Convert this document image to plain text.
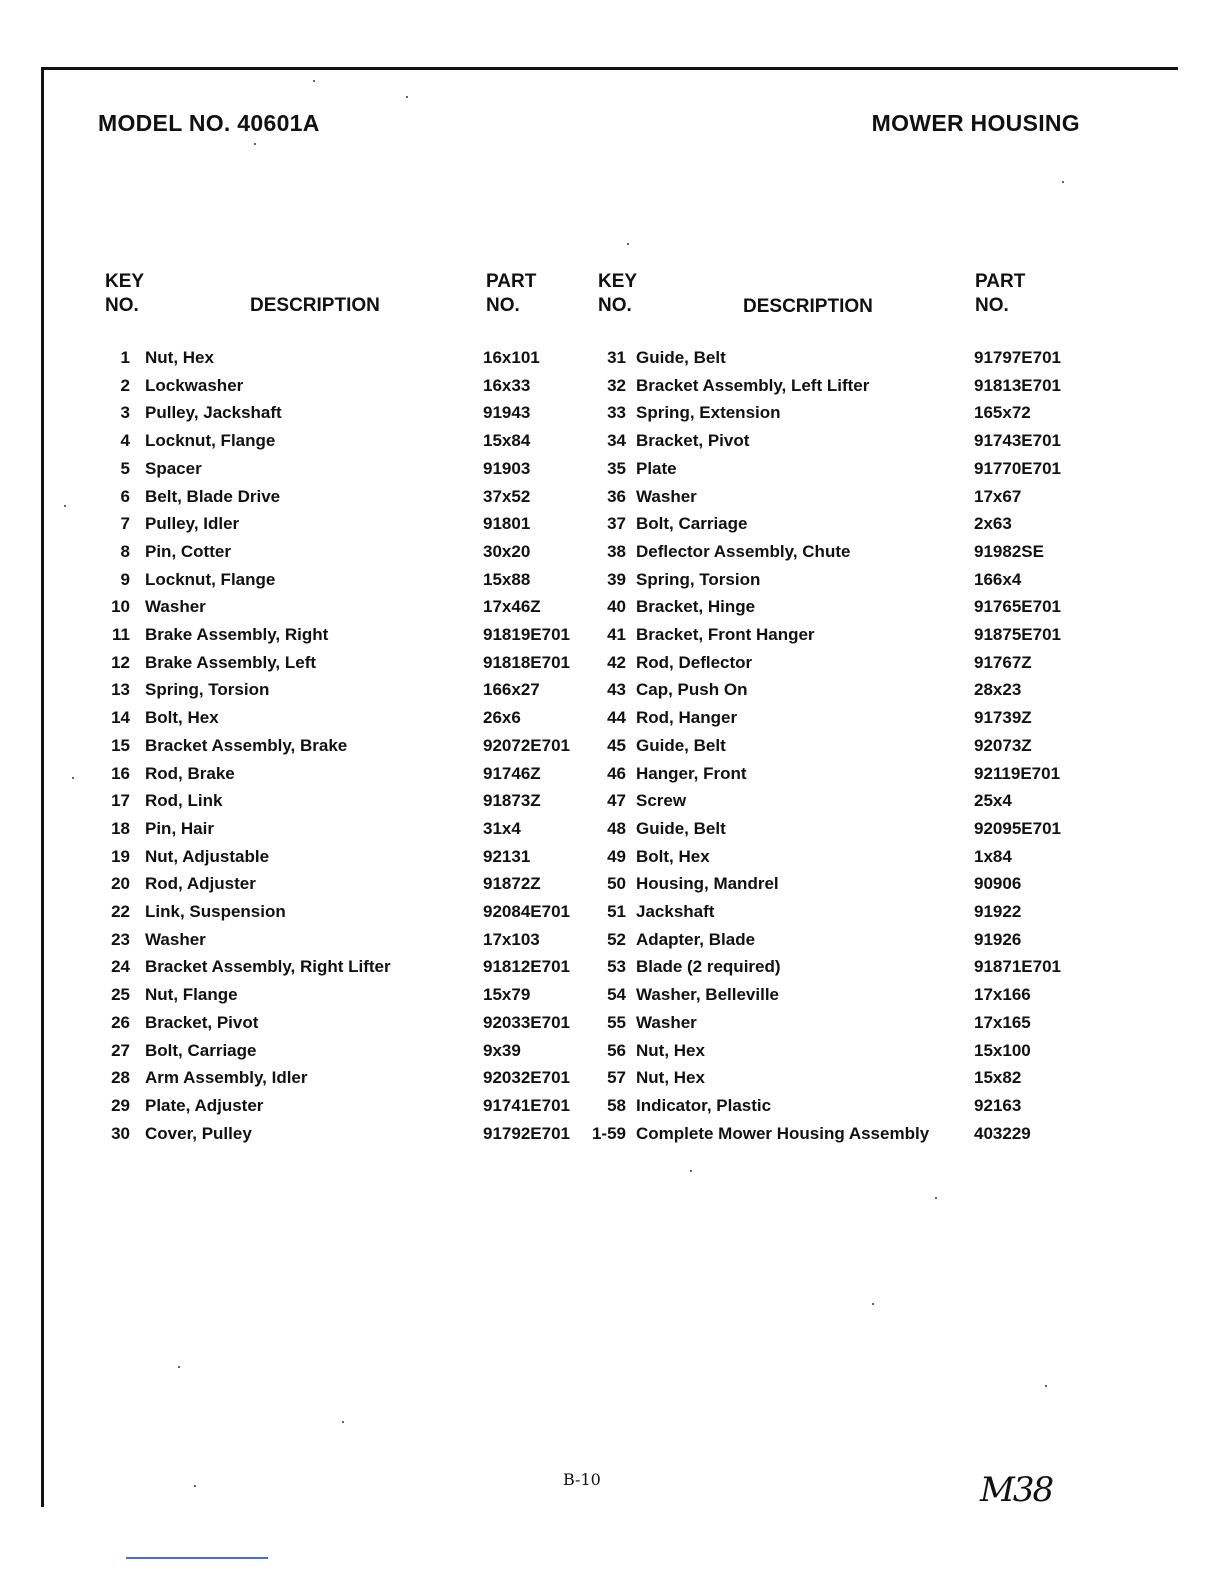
MODEL NO. 40601A	MOWER HOUSING
KEY
NO.	DESCRIPTION
PART
NO.
KEY
NO.	DESCRIPTION
PART
NO.
1 Nut, Hex	16x101
2 Lockwasher	16x33
3 Pulley, Jackshaft	91943
4 Locknut, Flange	15x84
5 Spacer	91903
6 Belt, Blade Drive	37x52
7 Pulley, Idler	91801
8 Pin, Cotter	30x20
9 Locknut, Flange	15x88
10 Washer	17x46Z
11 Brake Assembly, Right	91819E701
12 Brake Assembly, Left	91818E701
13 Spring, Torsion	166x27
14 Bolt, Hex	26x6
15 Bracket Assembly, Brake	92072E701
16 Rod, Brake	91746Z
17 Rod, Link	91873Z
18 Pin, Hair	31x4
19 Nut, Adjustable	92131
20 Rod, Adjuster	91872Z
22 Link, Suspension	92084E701
23 Washer	17x103
24 Bracket Assembly, Right Lifter	91812E701
25 Nut, Flange	15x79
26 Bracket, Pivot	92033E701
27 Bolt, Carriage	9x39
28 Arm Assembly, Idler	92032E701
29 Plate, Adjuster	91741E701
30 Cover, Pulley	91792E701
31 Guide, Belt	91797E701
32 Bracket Assembly, Left Lifter	91813E701
33 Spring, Extension	165x72
34 Bracket, Pivot	91743E701
35 Plate	91770E701
36 Washer	17x67
37 Bolt, Carriage	2x63
38 Deflector Assembly, Chute	91982SE
39 Spring, Torsion	166x4
40 Bracket, Hinge	91765E701
41 Bracket, Front Hanger	91875E701
42 Rod, Deflector	91767Z
43 Cap, Push On	28x23
44 Rod, Hanger	91739Z
45 Guide, Belt	92073Z
46 Hanger, Front	92119E701
47 Screw	25x4
48 Guide, Belt	92095E701
49 Bolt, Hex	1x84
50 Housing, Mandrel	90906
51 Jackshaft	91922
52 Adapter, Blade	91926
53 Blade (2 required)	91871E701
54 Washer, Belleville	17x166
55 Washer	17x165
56 Nut, Hex	15x100
57 Nut, Hex	15x82
58 Indicator, Plastic	92163
1-59 Complete Mower Housing Assembly	403229
B-10	M38
